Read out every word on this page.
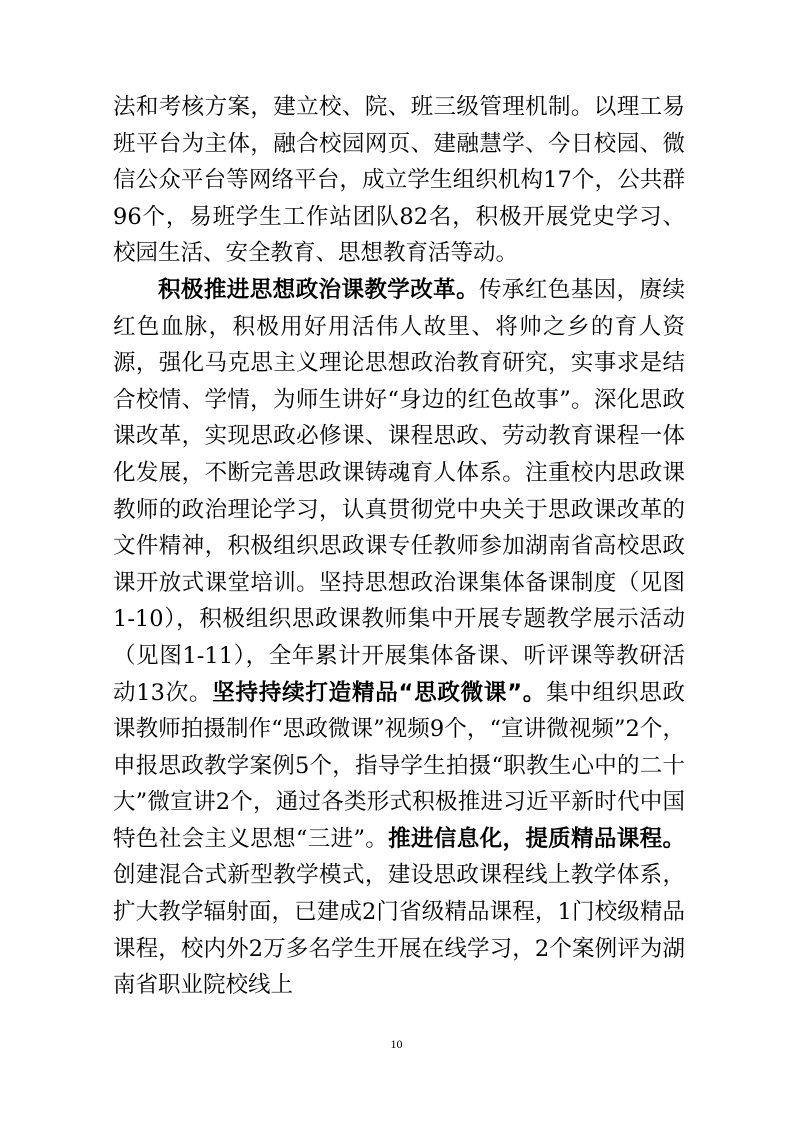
法和考核方案，建立校、院、班三级管理机制。以理工易班平台为主体，融合校园网页、建融慧学、今日校园、微信公众平台等网络平台，成立学生组织机构17个，公共群96个，易班学生工作站团队82名，积极开展党史学习、校园生活、安全教育、思想教育活等动。

积极推进思想政治课教学改革。传承红色基因，赓续红色血脉，积极用好用活伟人故里、将帅之乡的育人资源，强化马克思主义理论思想政治教育研究，实事求是结合校情、学情，为师生讲好“身边的红色故事”。深化思政课改革，实现思政必修课、课程思政、劳动教育课程一体化发展，不断完善思政课铸魂育人体系。注重校内思政课教师的政治理论学习，认真贯彻党中央关于思政课改革的文件精神，积极组织思政课专任教师参加湖南省高校思政课开放式课堂培训。坚持思想政治课集体备课制度（见图1-10），积极组织思政课教师集中开展专题教学展示活动（见图1-11），全年累计开展集体备课、听评课等教研活动13次。坚持持续打造精品“思政微课”。集中组织思政课教师拍摄制作“思政微课”视频9个，“宣讲微视频”2个，申报思政教学案例5个，指导学生拍摄“职教生心中的二十大”微宣讲2个，通过各类形式积极推进习近平新时代中国特色社会主义思想“三进”。推进信息化，提质精品课程。创建混合式新型教学模式，建设思政课程线上教学体系，扩大教学辐射面，已建成2门省级精品课程，1门校级精品课程，校内外2万多名学生开展在线学习，2个案例评为湖南省职业院校线上

10
